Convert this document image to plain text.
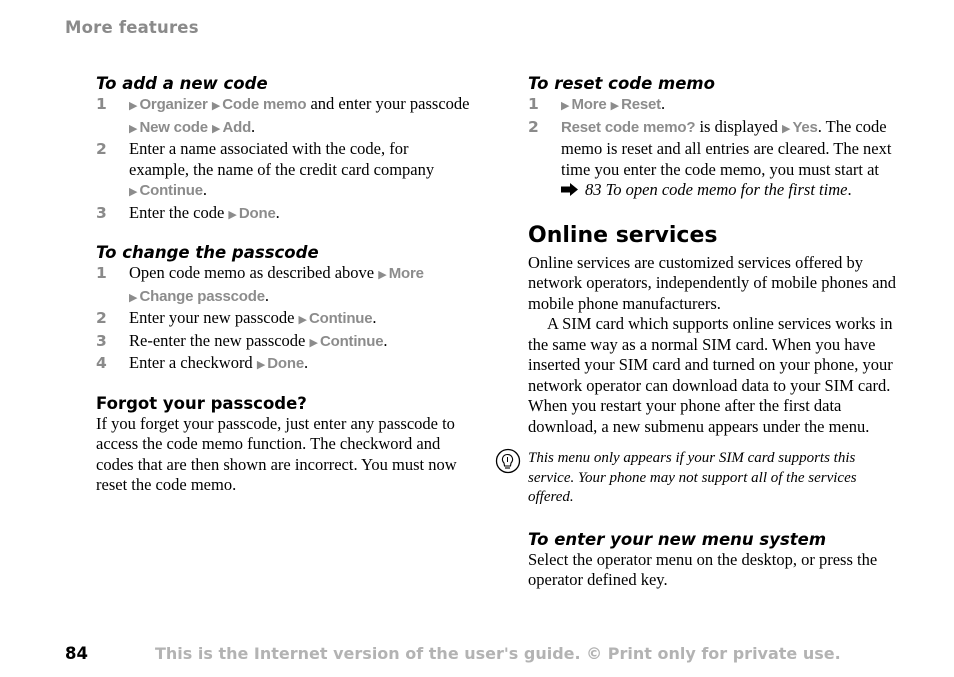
More features
To add a new code
1	▶ Organizer ▶ Code memo and enter your passcode ▶ New code ▶ Add.
2	Enter a name associated with the code, for example, the name of the credit card company ▶ Continue.
3	Enter the code ▶ Done.
To change the passcode
1	Open code memo as described above ▶ More ▶ Change passcode.
2	Enter your new passcode ▶ Continue.
3	Re-enter the new passcode ▶ Continue.
4	Enter a checkword ▶ Done.
Forgot your passcode?

If you forget your passcode, just enter any passcode to access the code memo function. The checkword and codes that are then shown are incorrect. You must now reset the code memo.

To reset code memo
1	▶ More ▶ Reset.
2	Reset code memo? is displayed ▶ Yes. The code memo is reset and all entries are cleared. The next time you enter the code memo, you must start at 83 To open code memo for the first time.
Online services

Online services are customized services offered by network operators, independently of mobile phones and mobile phone manufacturers.

A SIM card which supports online services works in the same way as a normal SIM card. When you have inserted your SIM card and turned on your phone, your network operator can download data to your SIM card. When you restart your phone after the first data download, a new submenu appears under the menu.

This menu only appears if your SIM card supports this service. Your phone may not support all of the services offered.

To enter your new menu system

Select the operator menu on the desktop, or press the operator defined key.

84	This is the Internet version of the user's guide. © Print only for private use.
